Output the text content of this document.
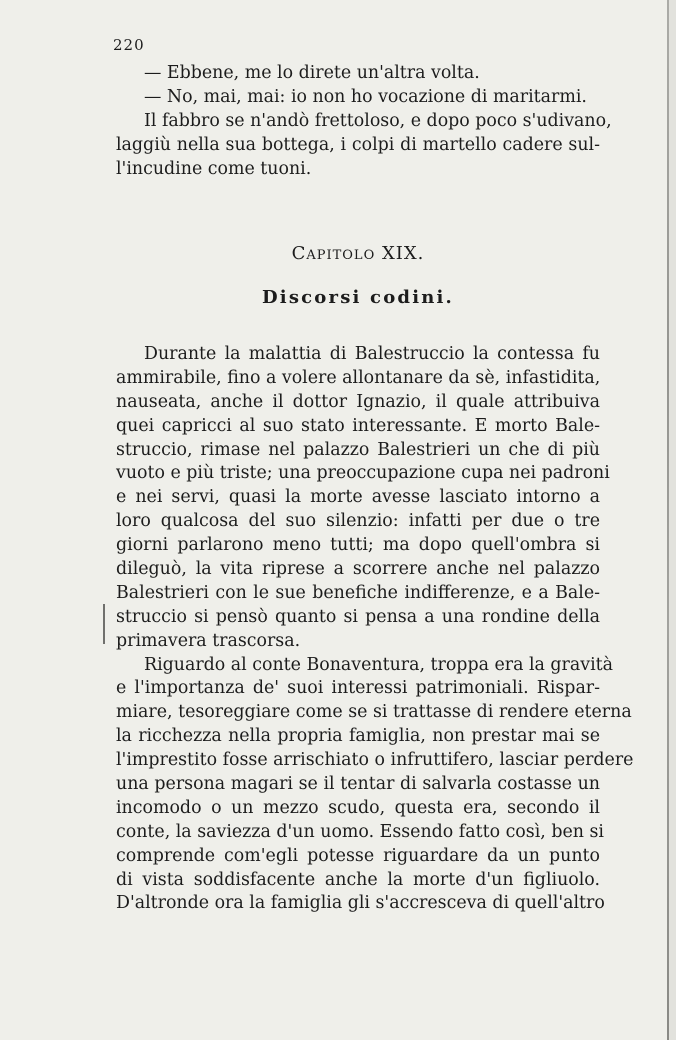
220
— Ebbene, me lo direte un'altra volta.
— No, mai, mai: io non ho vocazione di maritarmi.
Il fabbro se n'andò frettoloso, e dopo poco s'udivano,
laggiù nella sua bottega, i colpi di martello cadere sul-
l'incudine come tuoni.
Capitolo XIX.
Discorsi codini.
Durante la malattia di Balestruccio la contessa fu
ammirabile, fino a volere allontanare da sè, infastidita,
nauseata, anche il dottor Ignazio, il quale attribuiva
quei capricci al suo stato interessante. E morto Bale-
struccio, rimase nel palazzo Balestrieri un che di più
vuoto e più triste; una preoccupazione cupa nei padroni
e nei servi, quasi la morte avesse lasciato intorno a
loro qualcosa del suo silenzio: infatti per due o tre
giorni parlarono meno tutti; ma dopo quell'ombra si
dileguò, la vita riprese a scorrere anche nel palazzo
Balestrieri con le sue benefiche indifferenze, e a Bale-
struccio si pensò quanto si pensa a una rondine della
primavera trascorsa.
Riguardo al conte Bonaventura, troppa era la gravità
e l'importanza de' suoi interessi patrimoniali. Rispar-
miare, tesoreggiare come se si trattasse di rendere eterna
la ricchezza nella propria famiglia, non prestar mai se
l'imprestito fosse arrischiato o infruttifero, lasciar perdere
una persona magari se il tentar di salvarla costasse un
incomodo o un mezzo scudo, questa era, secondo il
conte, la saviezza d'un uomo. Essendo fatto così, ben si
comprende com'egli potesse riguardare da un punto
di vista soddisfacente anche la morte d'un figliuolo.
D'altronde ora la famiglia gli s'accresceva di quell'altro
